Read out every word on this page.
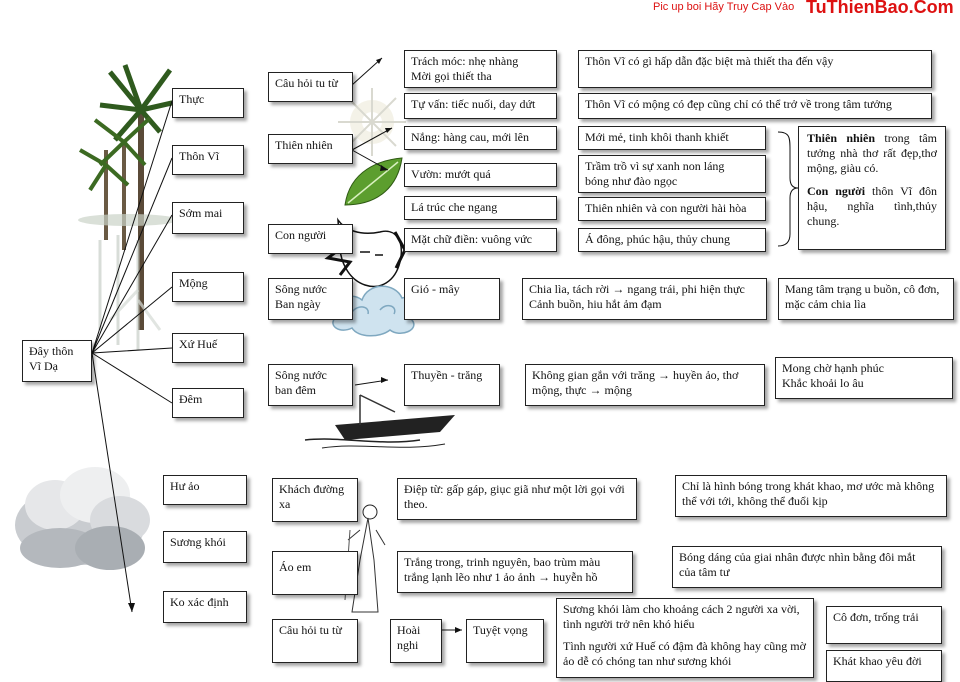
Pic up boi Hãy Truy Cap Vào TuThienBao.Com
Đây thôn Vĩ Dạ
Thực
Thôn Vĩ
Sớm mai
Mộng
Xứ Huế
Đêm
Hư ảo
Sương khói
Ko xác định
Câu hỏi tu từ
Thiên nhiên
Con người
Sông nước
Ban ngày
Sông nước
ban đêm
Khách đường xa
Áo em
Câu hỏi tu từ
Trách móc: nhẹ nhàng
Mời gọi thiết tha
Tự vấn: tiếc nuối, day dứt
Nắng: hàng cau, mới lên
Vườn: mướt quá
Lá trúc che ngang
Mặt chữ điền: vuông vức
Gió - mây
Thuyền - trăng
Điệp từ: gấp gáp, giục giã như một lời gọi với theo.
Trắng trong, trinh nguyên, bao trùm màu trắng lạnh lẽo như 1 ảo ảnh → huyễn hồ
Hoài nghi
Tuyệt vọng
Thôn Vĩ có gì hấp dẫn đặc biệt mà thiết tha đến vậy
Thôn Vĩ có mộng có đẹp cũng chỉ có thể trở về trong tâm tưởng
Mới mẻ, tinh khôi thanh khiết
Trầm trồ vì sự xanh non láng
bóng như đào ngọc
Thiên nhiên và con người hài hòa
Á đông, phúc hậu, thủy chung
Chia lìa, tách rời → ngang trái, phi hiện thực
Cảnh buồn, hiu hắt ảm đạm
Không gian gắn với trăng → huyền ảo, thơ mộng, thực → mộng
Chỉ là hình bóng trong khát khao, mơ ước mà không thể với tới, không thể đuổi kịp
Bóng dáng của giai nhân được nhìn bằng đôi mắt của tâm tư
Sương khói làm cho khoảng cách 2 người xa vời, tình người trở nên khó hiểu
Tình người xứ Huế có đậm đà không hay cũng mờ ảo dễ có chóng tan như sương khói
Thiên nhiên trong tâm tưởng nhà thơ rất đẹp,thơ mộng, giàu có.
Con người thôn Vĩ đôn hậu, nghĩa tình,thủy chung.
Mang tâm trạng u buồn, cô đơn, mặc cảm chia lìa
Mong chờ hạnh phúc
Khắc khoải lo âu
Cô đơn, trống trải
Khát khao yêu đời
